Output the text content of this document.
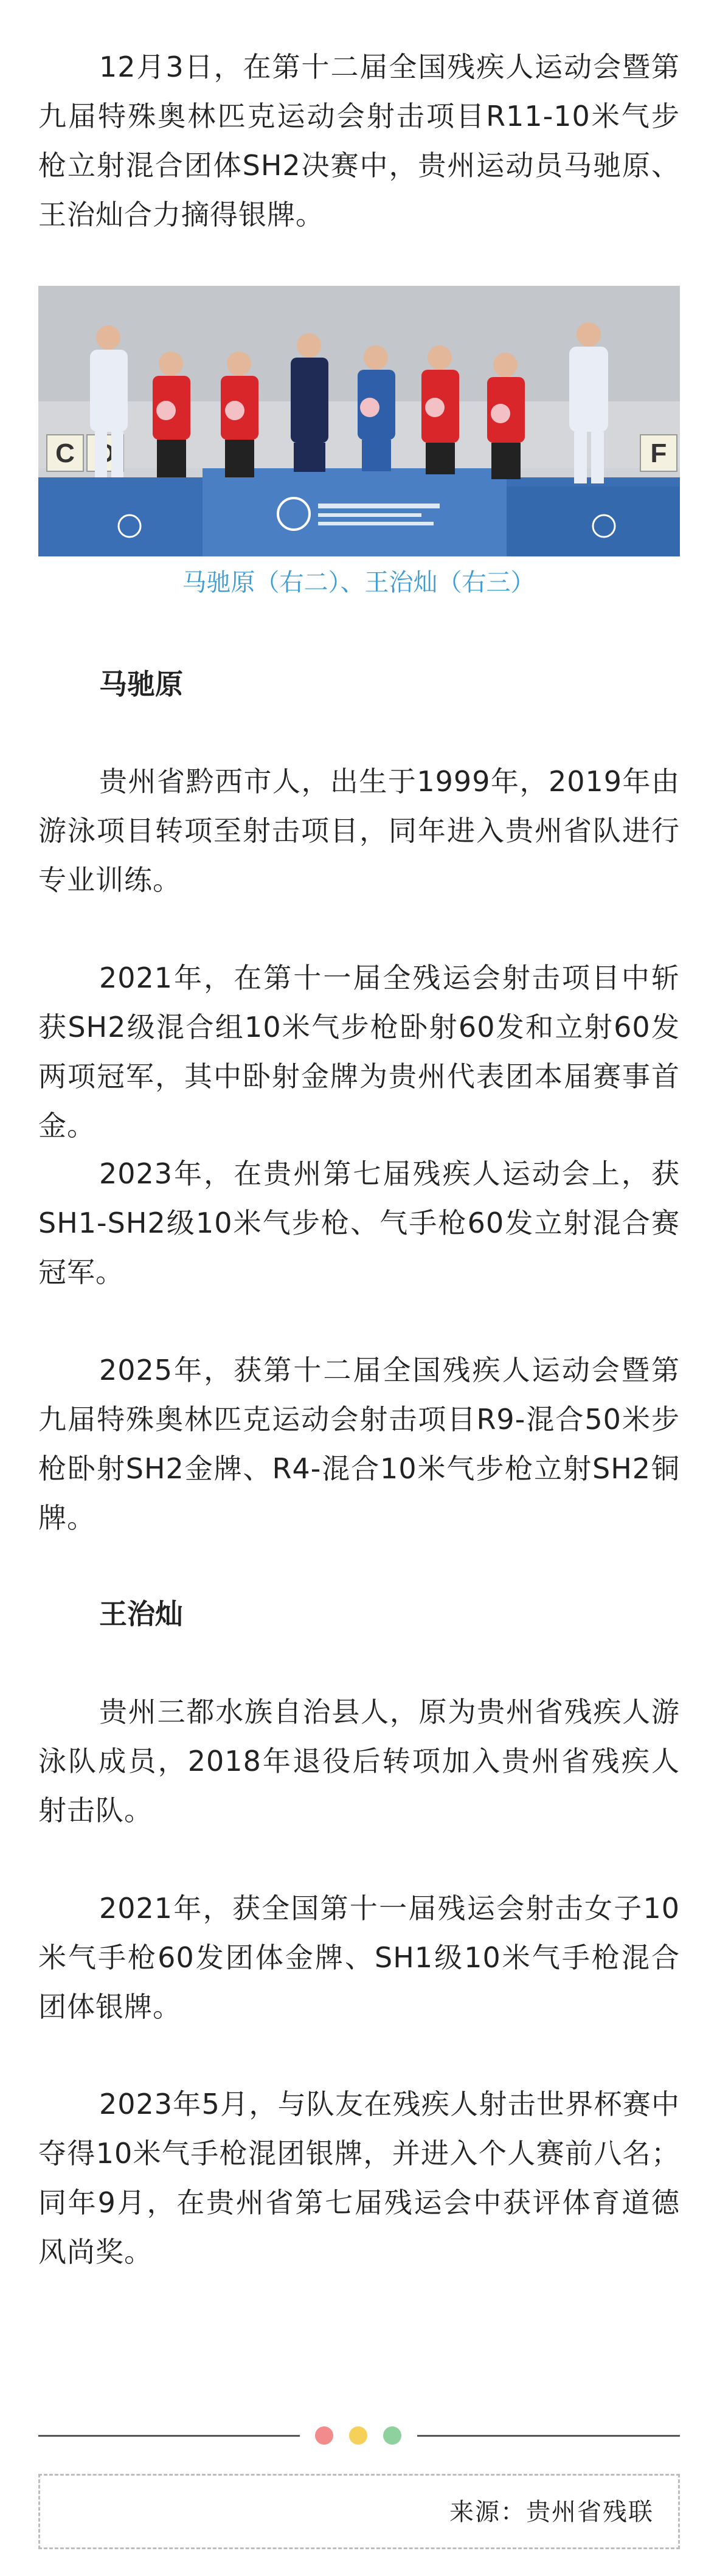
12月3日，在第十二届全国残疾人运动会暨第九届特殊奥林匹克运动会射击项目R11-10米气步枪立射混合团体SH2决赛中，贵州运动员马驰原、王治灿合力摘得银牌。

C	F

马驰原（右二）、王治灿（右三）

马驰原

贵州省黔西市人，出生于1999年，2019年由游泳项目转项至射击项目，同年进入贵州省队进行专业训练。

2021年，在第十一届全残运会射击项目中斩获SH2级混合组10米气步枪卧射60发和立射60发两项冠军，其中卧射金牌为贵州代表团本届赛事首金。

2023年，在贵州第七届残疾人运动会上，获SH1-SH2级10米气步枪、气手枪60发立射混合赛冠军。

2025年，获第十二届全国残疾人运动会暨第九届特殊奥林匹克运动会射击项目R9-混合50米步枪卧射SH2金牌、R4-混合10米气步枪立射SH2铜牌。

王治灿

贵州三都水族自治县人，原为贵州省残疾人游泳队成员，2018年退役后转项加入贵州省残疾人射击队。

2021年，获全国第十一届残运会射击女子10米气手枪60发团体金牌、SH1级10米气手枪混合团体银牌。

2023年5月，与队友在残疾人射击世界杯赛中夺得10米气手枪混团银牌，并进入个人赛前八名；同年9月，在贵州省第七届残运会中获评体育道德风尚奖。

来源：贵州省残联
